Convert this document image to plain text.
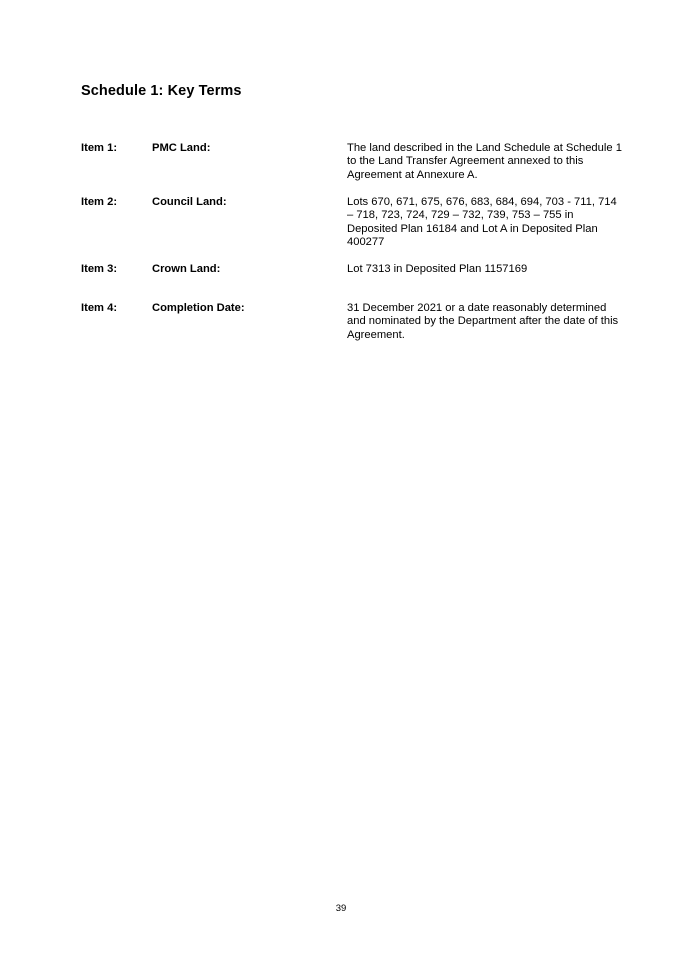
Schedule 1: Key Terms
Item 1:	PMC Land:	The land described in the Land Schedule at Schedule 1
to the Land Transfer Agreement annexed to this
Agreement at Annexure A.
Item 2:	Council Land:	Lots 670, 671, 675, 676, 683, 684, 694, 703 - 711, 714
– 718, 723, 724, 729 – 732, 739, 753 – 755 in
Deposited Plan 16184 and Lot A in Deposited Plan
400277
Item 3:	Crown Land:	Lot 7313 in Deposited Plan 1157169
Item 4:	Completion Date:	31 December 2021 or a date reasonably determined
and nominated by the Department after the date of this
Agreement.
39
